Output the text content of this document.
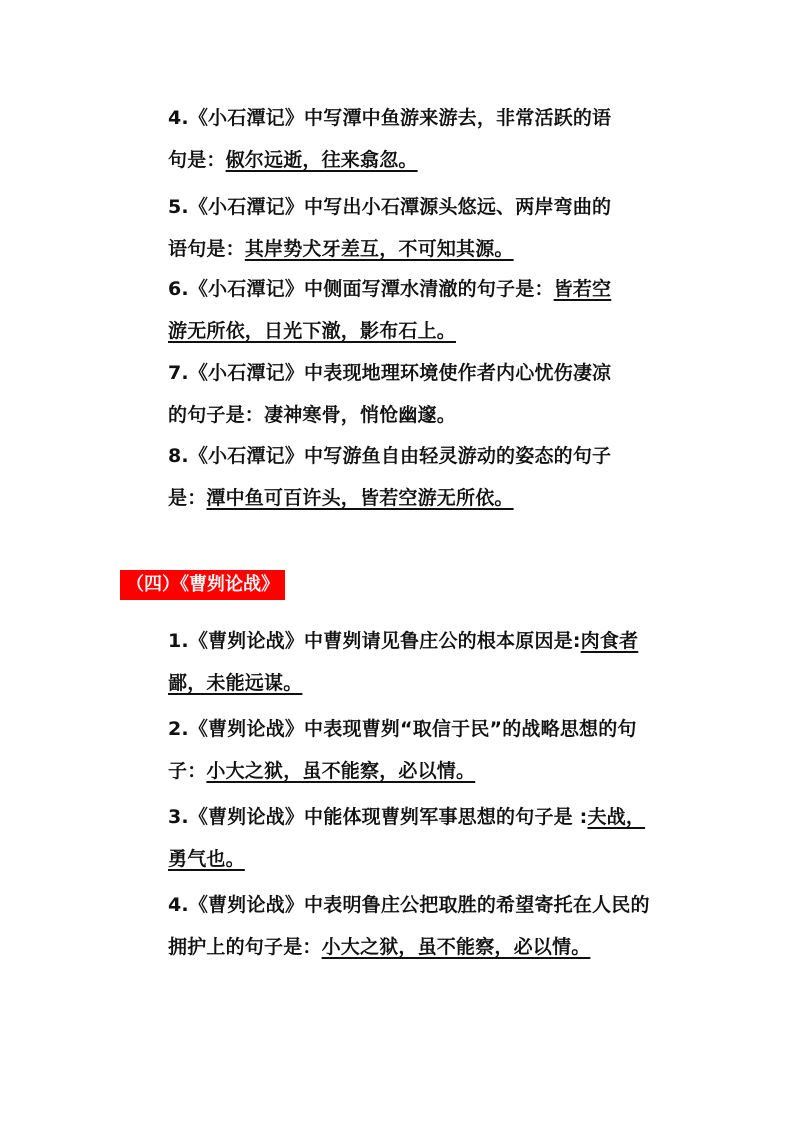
4.《小石潭记》中写潭中鱼游来游去，非常活跃的语
句是：俶尔远逝，往来翕忽。
5.《小石潭记》中写出小石潭源头悠远、两岸弯曲的
语句是：其岸势犬牙差互，不可知其源。
6.《小石潭记》中侧面写潭水清澈的句子是：皆若空
游无所依，日光下澈，影布石上。
7.《小石潭记》中表现地理环境使作者内心忧伤凄凉
的句子是：凄神寒骨，悄怆幽邃。
8.《小石潭记》中写游鱼自由轻灵游动的姿态的句子
是：潭中鱼可百许头，皆若空游无所依。
（四）《曹刿论战》
1.《曹刿论战》中曹刿请见鲁庄公的根本原因是:肉食者
鄙，未能远谋。
2.《曹刿论战》中表现曹刿“取信于民”的战略思想的句
子：小大之狱，虽不能察，必以情。
3.《曹刿论战》中能体现曹刿军事思想的句子是 :夫战，
勇气也。
4.《曹刿论战》中表明鲁庄公把取胜的希望寄托在人民的
拥护上的句子是：小大之狱，虽不能察，必以情。
